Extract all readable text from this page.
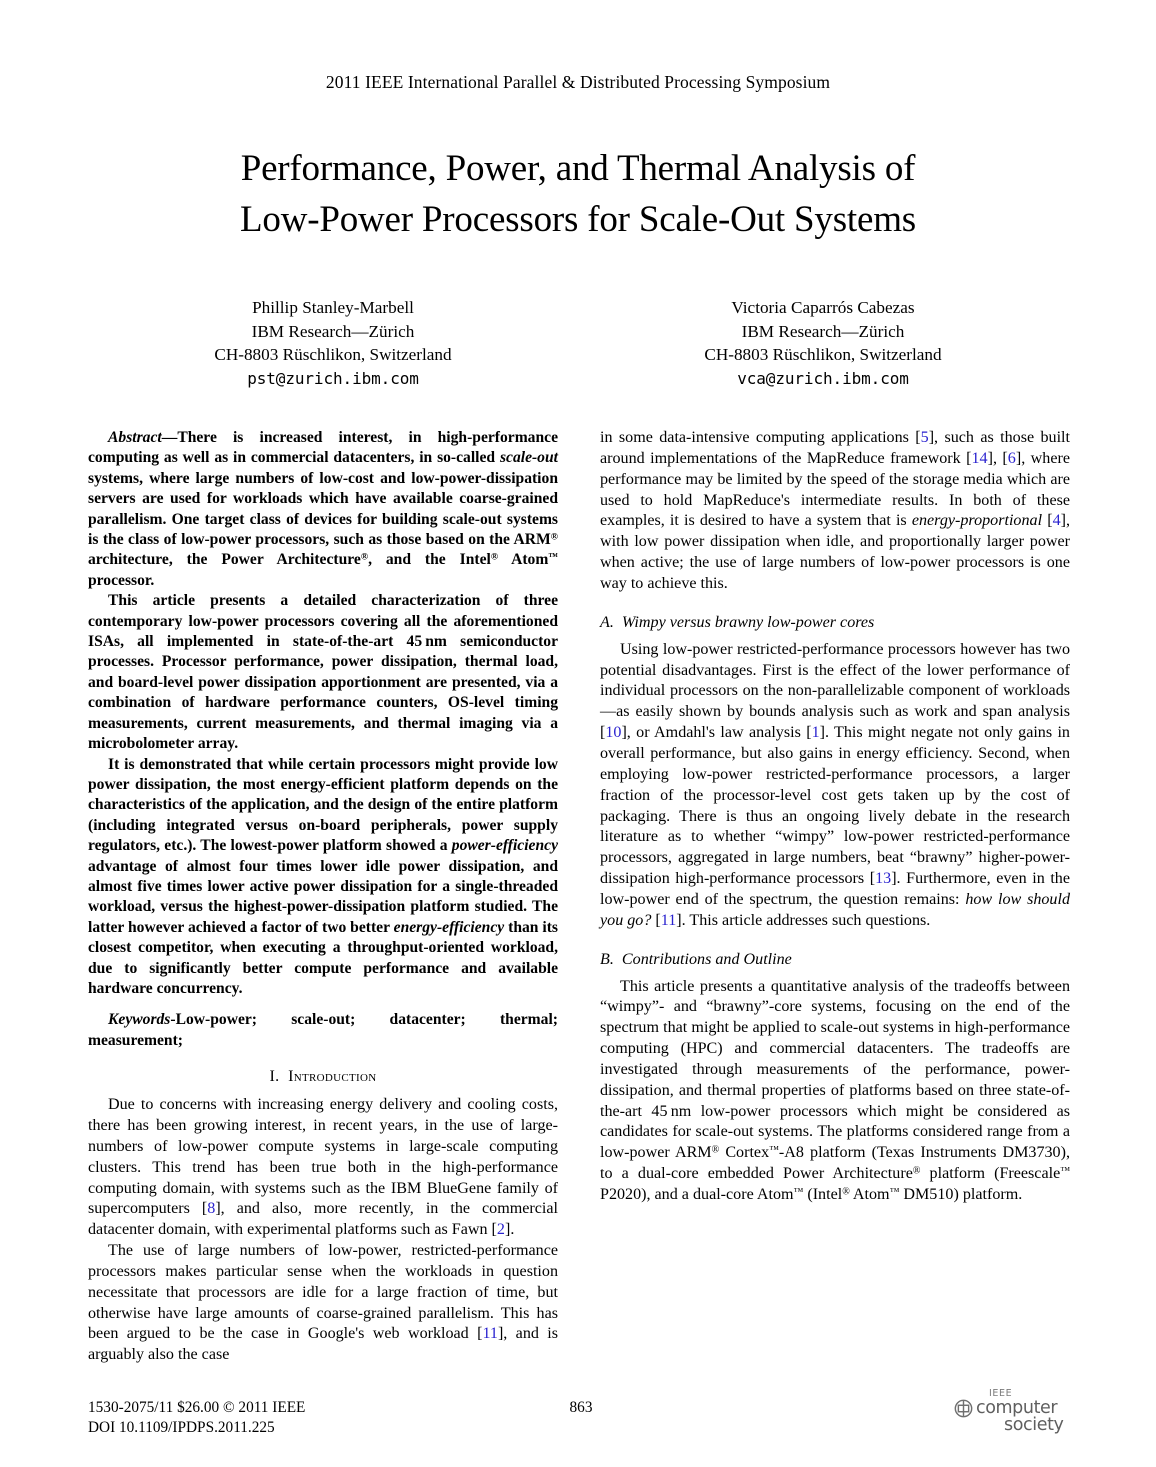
2011 IEEE International Parallel & Distributed Processing Symposium
Performance, Power, and Thermal Analysis of
Low-Power Processors for Scale-Out Systems
Phillip Stanley-Marbell
IBM Research—Zürich
CH-8803 Rüschlikon, Switzerland
pst@zurich.ibm.com
Victoria Caparrós Cabezas
IBM Research—Zürich
CH-8803 Rüschlikon, Switzerland
vca@zurich.ibm.com

Abstract—There is increased interest, in high-performance computing as well as in commercial datacenters, in so-called scale-out systems, where large numbers of low-cost and low-power-dissipation servers are used for workloads which have available coarse-grained parallelism. One target class of devices for building scale-out systems is the class of low-power processors, such as those based on the ARM® architecture, the Power Architecture®, and the Intel® Atom™ processor.

This article presents a detailed characterization of three contemporary low-power processors covering all the aforementioned ISAs, all implemented in state-of-the-art 45 nm semiconductor processes. Processor performance, power dissipation, thermal load, and board-level power dissipation apportionment are presented, via a combination of hardware performance counters, OS-level timing measurements, current measurements, and thermal imaging via a microbolometer array.

It is demonstrated that while certain processors might provide low power dissipation, the most energy-efficient platform depends on the characteristics of the application, and the design of the entire platform (including integrated versus on-board peripherals, power supply regulators, etc.). The lowest-power platform showed a power-efficiency advantage of almost four times lower idle power dissipation, and almost five times lower active power dissipation for a single-threaded workload, versus the highest-power-dissipation platform studied. The latter however achieved a factor of two better energy-efficiency than its closest competitor, when executing a throughput-oriented workload, due to significantly better compute performance and available hardware concurrency.

Keywords-Low-power; scale-out; datacenter; thermal; measurement;

I. Introduction

Due to concerns with increasing energy delivery and cooling costs, there has been growing interest, in recent years, in the use of large-numbers of low-power compute systems in large-scale computing clusters. This trend has been true both in the high-performance computing domain, with systems such as the IBM BlueGene family of supercomputers [8], and also, more recently, in the commercial datacenter domain, with experimental platforms such as Fawn [2].

The use of large numbers of low-power, restricted-performance processors makes particular sense when the workloads in question necessitate that processors are idle for a large fraction of time, but otherwise have large amounts of coarse-grained parallelism. This has been argued to be the case in Google's web workload [11], and is arguably also the case

in some data-intensive computing applications [5], such as those built around implementations of the MapReduce framework [14], [6], where performance may be limited by the speed of the storage media which are used to hold MapReduce's intermediate results. In both of these examples, it is desired to have a system that is energy-proportional [4], with low power dissipation when idle, and proportionally larger power when active; the use of large numbers of low-power processors is one way to achieve this.

A. Wimpy versus brawny low-power cores

Using low-power restricted-performance processors however has two potential disadvantages. First is the effect of the lower performance of individual processors on the non-parallelizable component of workloads—as easily shown by bounds analysis such as work and span analysis [10], or Amdahl's law analysis [1]. This might negate not only gains in overall performance, but also gains in energy efficiency. Second, when employing low-power restricted-performance processors, a larger fraction of the processor-level cost gets taken up by the cost of packaging. There is thus an ongoing lively debate in the research literature as to whether “wimpy” low-power restricted-performance processors, aggregated in large numbers, beat “brawny” higher-power-dissipation high-performance processors [13]. Furthermore, even in the low-power end of the spectrum, the question remains: how low should you go? [11]. This article addresses such questions.

B. Contributions and Outline

This article presents a quantitative analysis of the tradeoffs between “wimpy”- and “brawny”-core systems, focusing on the end of the spectrum that might be applied to scale-out systems in high-performance computing (HPC) and commercial datacenters. The tradeoffs are investigated through measurements of the performance, power-dissipation, and thermal properties of platforms based on three state-of-the-art 45 nm low-power processors which might be considered as candidates for scale-out systems. The platforms considered range from a low-power ARM® Cortex™-A8 platform (Texas Instruments DM3730), to a dual-core embedded Power Architecture® platform (Freescale™ P2020), and a dual-core Atom™ (Intel® Atom™ DM510) platform.

1530-2075/11 $26.00 © 2011 IEEE
DOI 10.1109/IPDPS.2011.225
863
IEEE
computer
society
